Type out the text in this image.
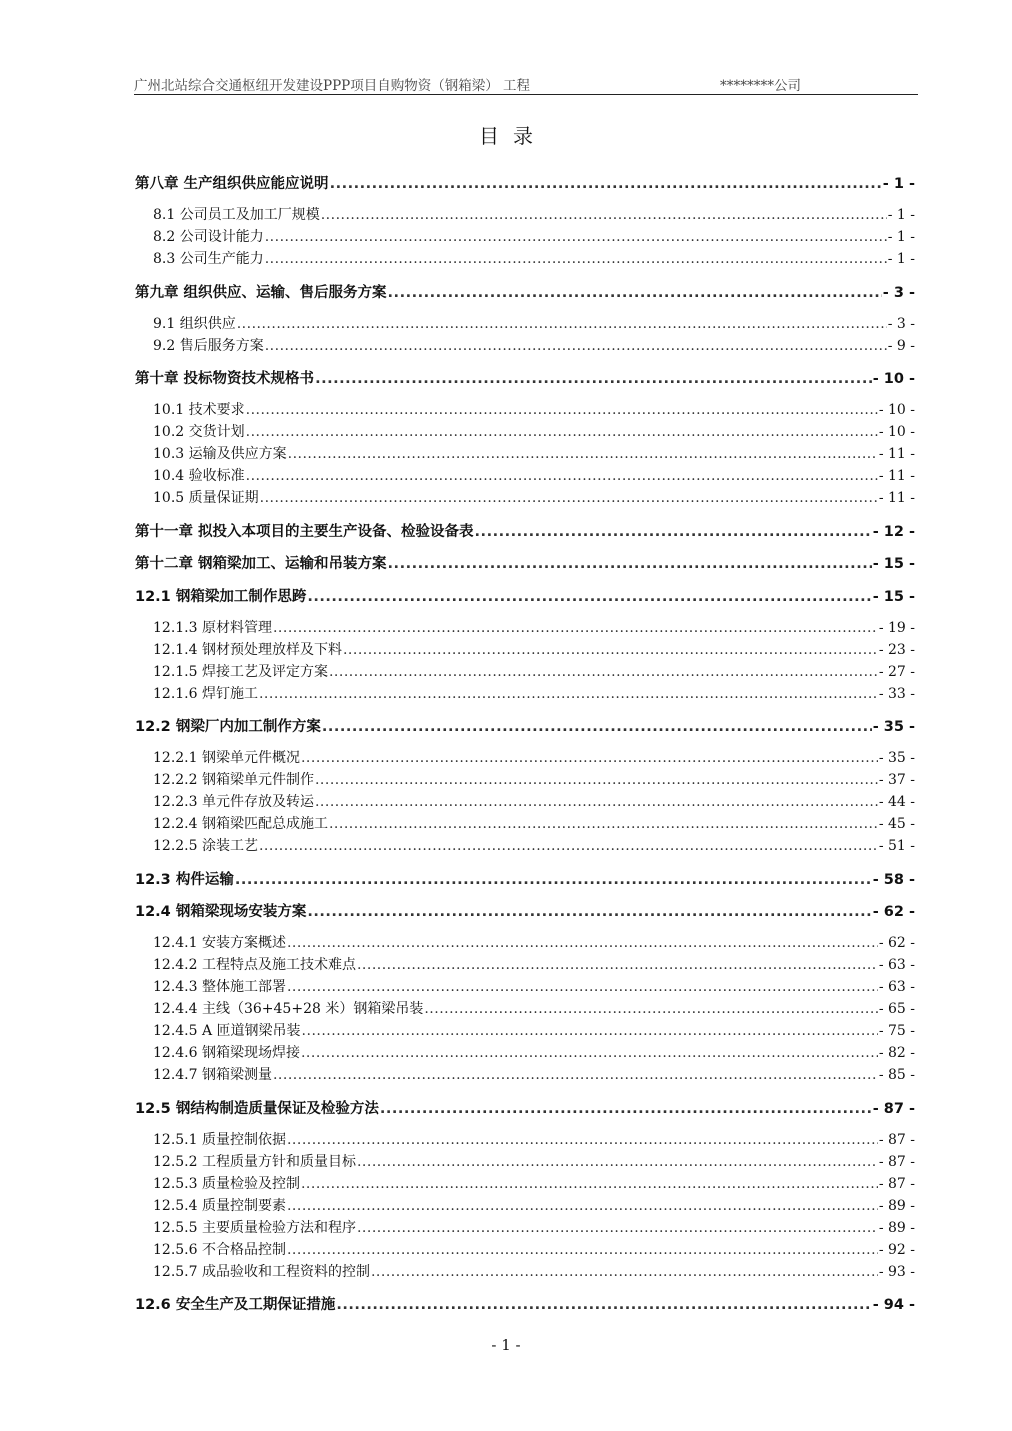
广州北站综合交通枢纽开发建设PPP项目自购物资（钢箱梁） 工程	********公司
目录
第八章 生产组织供应能应说明 .....	- 1 -
8.1 公司员工及加工厂规模 .....	- 1 -
8.2 公司设计能力 .....	- 1 -
8.3 公司生产能力 .....	- 1 -
第九章 组织供应、运输、售后服务方案 .....	- 3 -
9.1 组织供应 .....	- 3 -
9.2 售后服务方案 .....	- 9 -
第十章 投标物资技术规格书 .....	- 10 -
10.1 技术要求 .....	- 10 -
10.2 交货计划 .....	- 10 -
10.3 运输及供应方案 .....	- 11 -
10.4 验收标准 .....	- 11 -
10.5 质量保证期 .....	- 11 -
第十一章 拟投入本项目的主要生产设备、检验设备表 .....	- 12 -
第十二章 钢箱梁加工、运输和吊装方案 .....	- 15 -
12.1 钢箱梁加工制作思跨 .....	- 15 -
12.1.3 原材料管理 .....	- 19 -
12.1.4 钢材预处理放样及下料 .....	- 23 -
12.1.5 焊接工艺及评定方案 .....	- 27 -
12.1.6 焊钉施工 .....	- 33 -
12.2 钢梁厂内加工制作方案 .....	- 35 -
12.2.1 钢梁单元件概况 .....	- 35 -
12.2.2 钢箱梁单元件制作 .....	- 37 -
12.2.3 单元件存放及转运 .....	- 44 -
12.2.4 钢箱梁匹配总成施工 .....	- 45 -
12.2.5 涂装工艺 .....	- 51 -
12.3 构件运输 .....	- 58 -
12.4 钢箱梁现场安装方案 .....	- 62 -
12.4.1 安装方案概述 .....	- 62 -
12.4.2 工程特点及施工技术难点 .....	- 63 -
12.4.3 整体施工部署 .....	- 63 -
12.4.4 主线（36+45+28 米）钢箱梁吊装 .....	- 65 -
12.4.5 A 匝道钢梁吊装 .....	- 75 -
12.4.6 钢箱梁现场焊接 .....	- 82 -
12.4.7 钢箱梁测量 .....	- 85 -
12.5 钢结构制造质量保证及检验方法 .....	- 87 -
12.5.1 质量控制依据 .....	- 87 -
12.5.2 工程质量方针和质量目标 .....	- 87 -
12.5.3 质量检验及控制 .....	- 87 -
12.5.4 质量控制要素 .....	- 89 -
12.5.5 主要质量检验方法和程序 .....	- 89 -
12.5.6 不合格品控制 .....	- 92 -
12.5.7 成品验收和工程资料的控制 .....	- 93 -
12.6 安全生产及工期保证措施 .....	- 94 -
- 1 -
